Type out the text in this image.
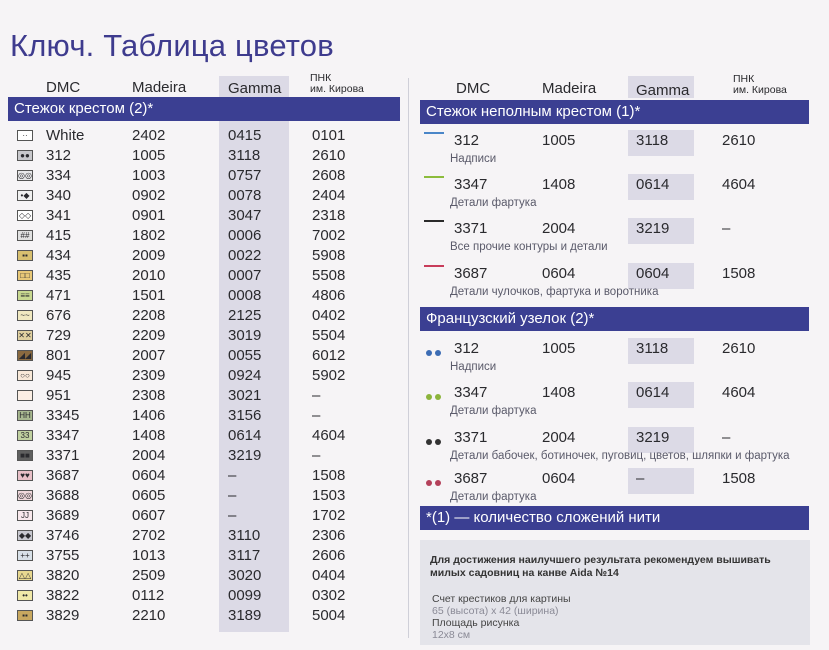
Ключ. Таблица цветов
DMC	Madeira	Gamma
ПНК
им. Кирова
Стежок крестом (2)*
··	White	2402	0415	0101
●● 312	1005	3118	2610
◎◎ 334	1003	0757	2608
•◆ 340	0902	0078	2404
◇◇ 341	0901	3047	2318
## 415	1802	0006	7002
▪▪	434	2009	0022	5908
□□ 435	2010	0007	5508
≡≡ 471	1501	0008	4806
~~ 676	2208	2125	0402
✕✕ 729	2209	3019	5504
◢◢ 801	2007	0055	6012
○○ 945	2309	0924	5902
951	2308	3021	–
HH 3345	1406	3156	–
33 3347	1408	0614	4604
■■ 3371	2004	3219	–
♥♥ 3687	0604	–	1508
◎◎ 3688	0605	–	1503
JJ 3689	0607	–	1702
◆◆ 3746	2702	3110	2306
++ 3755	1013	3117	2606
△△ 3820	2509	3020	0404
••	3822	0112	0099	0302
▪▪	3829	2210	3189	5004
DMC	Madeira	Gamma
ПНК
им. Кирова
Стежок неполным крестом (1)*
312	1005	3118	2610
Надписи
3347	1408	0614	4604
Детали фартука
3371	2004	3219	–
Все прочие контуры и детали
3687	0604	0604	1508
Детали чулочков, фартука и воротника
Французский узелок (2)*
312	1005	3118	2610
Надписи
3347	1408	0614	4604
Детали фартука
3371	2004	3219	–
Детали бабочек, ботиночек, пуговиц, цветов, шляпки и фартука
3687	0604	–	1508
Детали фартука
*(1) — количество сложений нити
Для достижения наилучшего результата рекомендуем вышивать
милых садовниц на канве Aida №14
Счет крестиков для картины
65 (высота) х 42 (ширина)
Площадь рисунка
12х8 см
